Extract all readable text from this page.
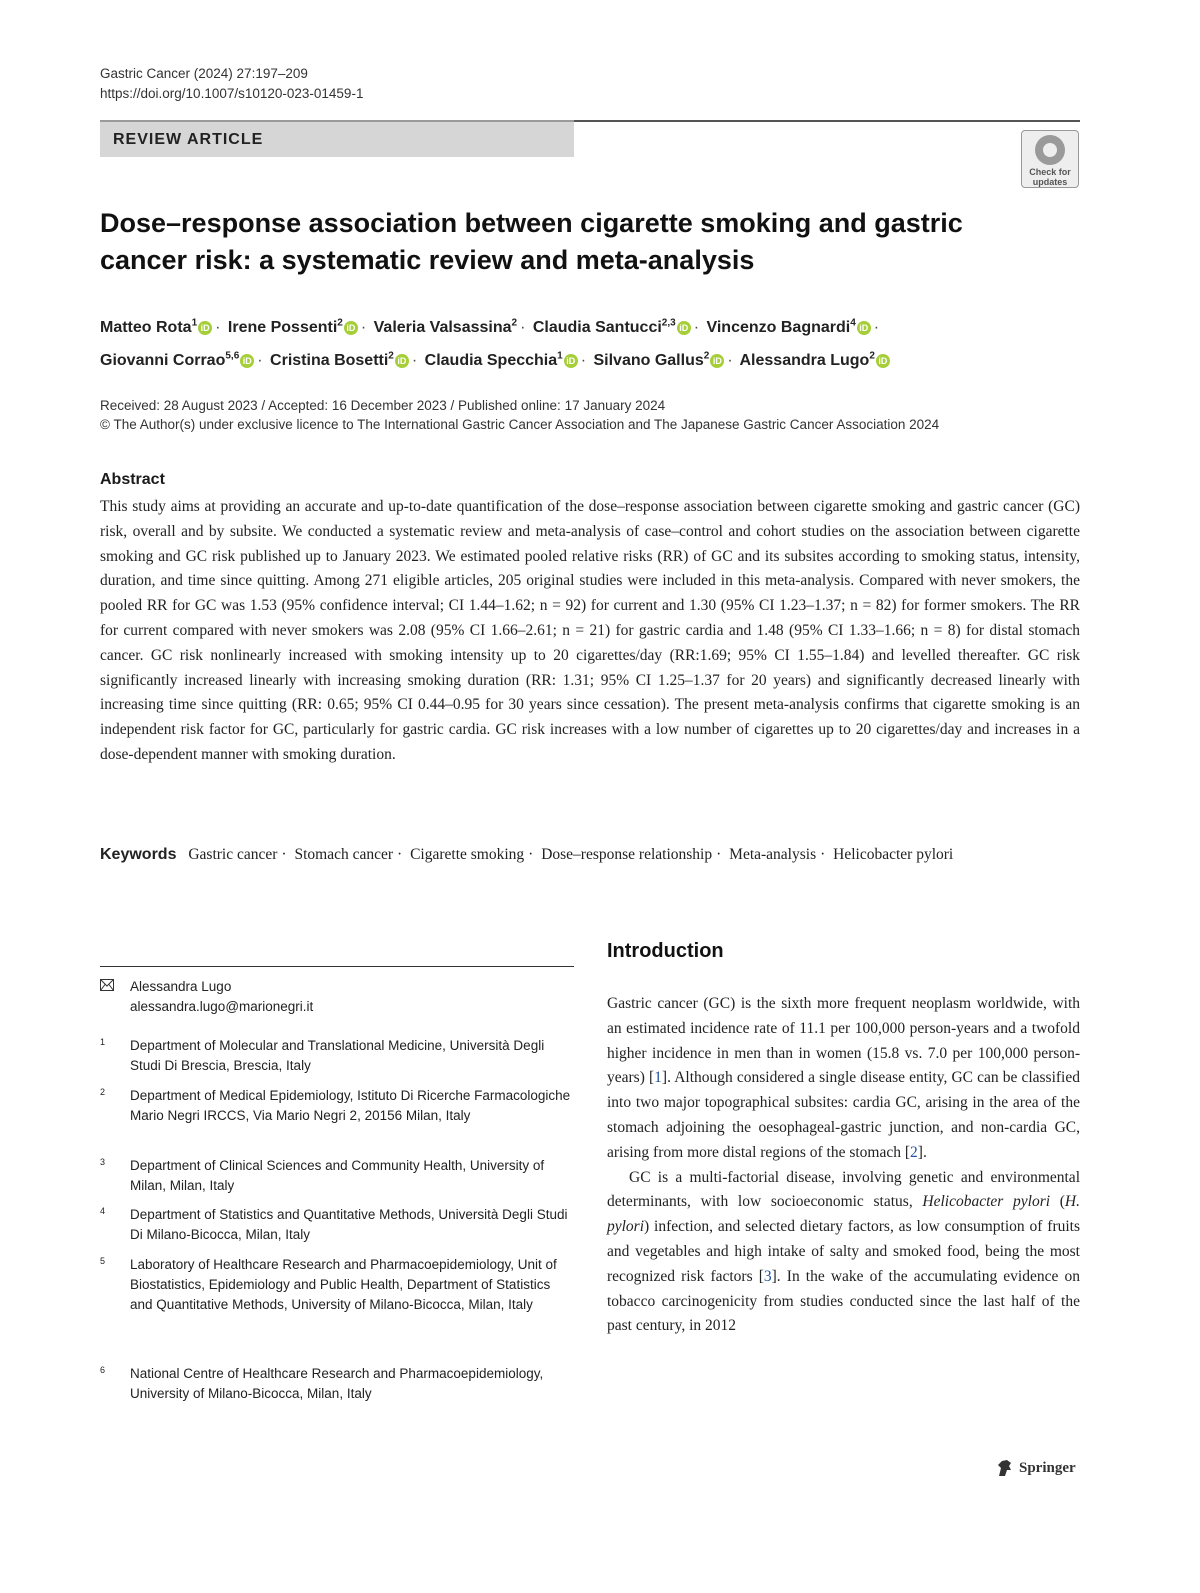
Gastric Cancer (2024) 27:197–209
https://doi.org/10.1007/s10120-023-01459-1
REVIEW ARTICLE
Check for updates
Dose–response association between cigarette smoking and gastric cancer risk: a systematic review and meta-analysis
Matteo Rota$^1$ iD · Irene Possenti$^2$ iD · Valeria Valsassina$^2$ · Claudia Santucci$^{2,3}$ iD · Vincenzo Bagnardi$^4$ iD ·
Giovanni Corrao$^{5,6}$ iD · Cristina Bosetti$^2$ iD · Claudia Specchia$^1$ iD · Silvano Gallus$^2$ iD · Alessandra Lugo$^2$ iD
Received: 28 August 2023 / Accepted: 16 December 2023 / Published online: 17 January 2024
© The Author(s) under exclusive licence to The International Gastric Cancer Association and The Japanese Gastric Cancer Association 2024
Abstract
This study aims at providing an accurate and up-to-date quantification of the dose–response association between cigarette smoking and gastric cancer (GC) risk, overall and by subsite. We conducted a systematic review and meta-analysis of case–control and cohort studies on the association between cigarette smoking and GC risk published up to January 2023. We estimated pooled relative risks (RR) of GC and its subsites according to smoking status, intensity, duration, and time since quitting. Among 271 eligible articles, 205 original studies were included in this meta-analysis. Compared with never smokers, the pooled RR for GC was 1.53 (95% confidence interval; CI 1.44–1.62; n = 92) for current and 1.30 (95% CI 1.23–1.37; n = 82) for former smokers. The RR for current compared with never smokers was 2.08 (95% CI 1.66–2.61; n = 21) for gastric cardia and 1.48 (95% CI 1.33–1.66; n = 8) for distal stomach cancer. GC risk nonlinearly increased with smoking intensity up to 20 cigarettes/day (RR:1.69; 95% CI 1.55–1.84) and levelled thereafter. GC risk significantly increased linearly with increasing smoking duration (RR: 1.31; 95% CI 1.25–1.37 for 20 years) and significantly decreased linearly with increasing time since quitting (RR: 0.65; 95% CI 0.44–0.95 for 30 years since cessation). The present meta-analysis confirms that cigarette smoking is an independent risk factor for GC, particularly for gastric cardia. GC risk increases with a low number of cigarettes up to 20 cigarettes/day and increases in a dose-dependent manner with smoking duration.
Keywords Gastric cancer · Stomach cancer · Cigarette smoking · Dose–response relationship · Meta-analysis · Helicobacter pylori
Alessandra Lugo
alessandra.lugo@marionegri.it
1 Department of Molecular and Translational Medicine, Università Degli Studi Di Brescia, Brescia, Italy
2 Department of Medical Epidemiology, Istituto Di Ricerche Farmacologiche Mario Negri IRCCS, Via Mario Negri 2, 20156 Milan, Italy
3 Department of Clinical Sciences and Community Health, University of Milan, Milan, Italy
4 Department of Statistics and Quantitative Methods, Università Degli Studi Di Milano-Bicocca, Milan, Italy
5 Laboratory of Healthcare Research and Pharmacoepidemiology, Unit of Biostatistics, Epidemiology and Public Health, Department of Statistics and Quantitative Methods, University of Milano-Bicocca, Milan, Italy
6 National Centre of Healthcare Research and Pharmacoepidemiology, University of Milano-Bicocca, Milan, Italy
Introduction

Gastric cancer (GC) is the sixth more frequent neoplasm worldwide, with an estimated incidence rate of 11.1 per 100,000 person-years and a twofold higher incidence in men than in women (15.8 vs. 7.0 per 100,000 person-years) [1]. Although considered a single disease entity, GC can be classified into two major topographical subsites: cardia GC, arising in the area of the stomach adjoining the oesophageal-gastric junction, and non-cardia GC, arising from more distal regions of the stomach [2].

GC is a multi-factorial disease, involving genetic and environmental determinants, with low socioeconomic status, Helicobacter pylori (H. pylori) infection, and selected dietary factors, as low consumption of fruits and vegetables and high intake of salty and smoked food, being the most recognized risk factors [3]. In the wake of the accumulating evidence on tobacco carcinogenicity from studies conducted since the last half of the past century, in 2012

Springer
